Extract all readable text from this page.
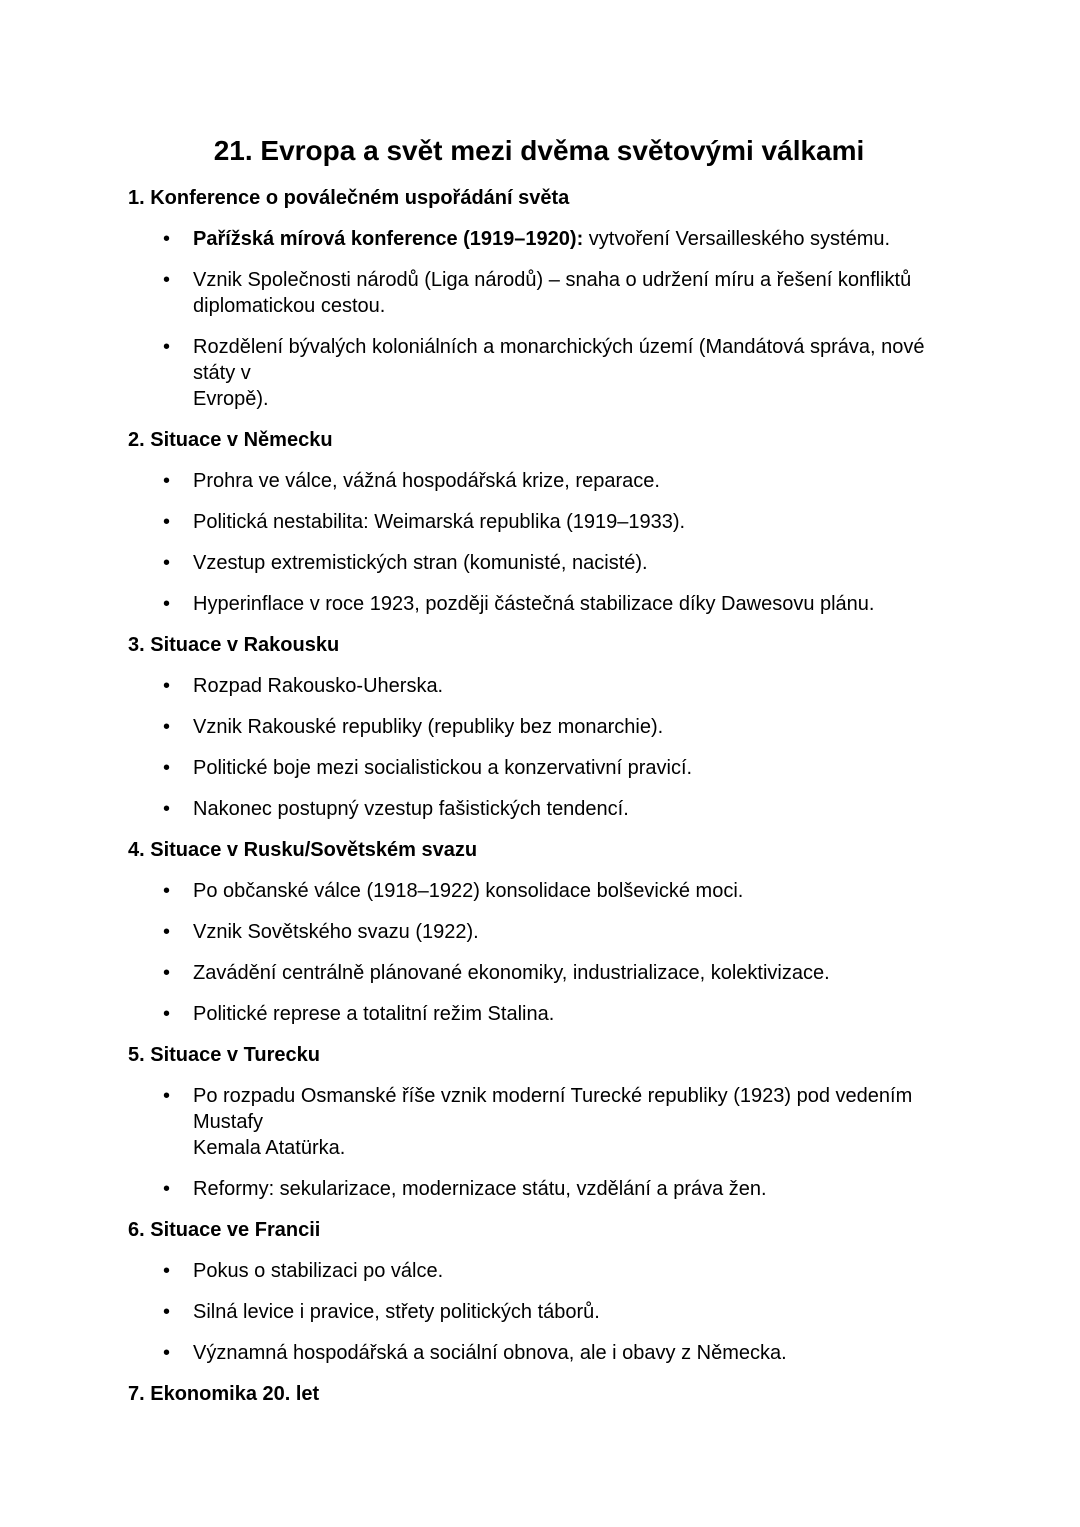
21. Evropa a svět mezi dvěma světovými válkami
1. Konference o poválečném uspořádání světa
•	Pařížská mírová konference (1919–1920): vytvoření Versailleského systému.

•	Vznik Společnosti národů (Liga národů) – snaha o udržení míru a řešení konfliktů
diplomatickou cestou.

•	Rozdělení bývalých koloniálních a monarchických území (Mandátová správa, nové státy v
Evropě).

2. Situace v Německu
•	Prohra ve válce, vážná hospodářská krize, reparace.

•	Politická nestabilita: Weimarská republika (1919–1933).

•	Vzestup extremistických stran (komunisté, nacisté).

•	Hyperinflace v roce 1923, později částečná stabilizace díky Dawesovu plánu.

3. Situace v Rakousku
•	Rozpad Rakousko-Uherska.

•	Vznik Rakouské republiky (republiky bez monarchie).

•	Politické boje mezi socialistickou a konzervativní pravicí.

•	Nakonec postupný vzestup fašistických tendencí.

4. Situace v Rusku/Sovětském svazu
•	Po občanské válce (1918–1922) konsolidace bolševické moci.

•	Vznik Sovětského svazu (1922).

•	Zavádění centrálně plánované ekonomiky, industrializace, kolektivizace.

•	Politické represe a totalitní režim Stalina.

5. Situace v Turecku
•	Po rozpadu Osmanské říše vznik moderní Turecké republiky (1923) pod vedením Mustafy
Kemala Atatürka.

•	Reformy: sekularizace, modernizace státu, vzdělání a práva žen.

6. Situace ve Francii
•	Pokus o stabilizaci po válce.

•	Silná levice i pravice, střety politických táborů.

•	Významná hospodářská a sociální obnova, ale i obavy z Německa.

7. Ekonomika 20. let
